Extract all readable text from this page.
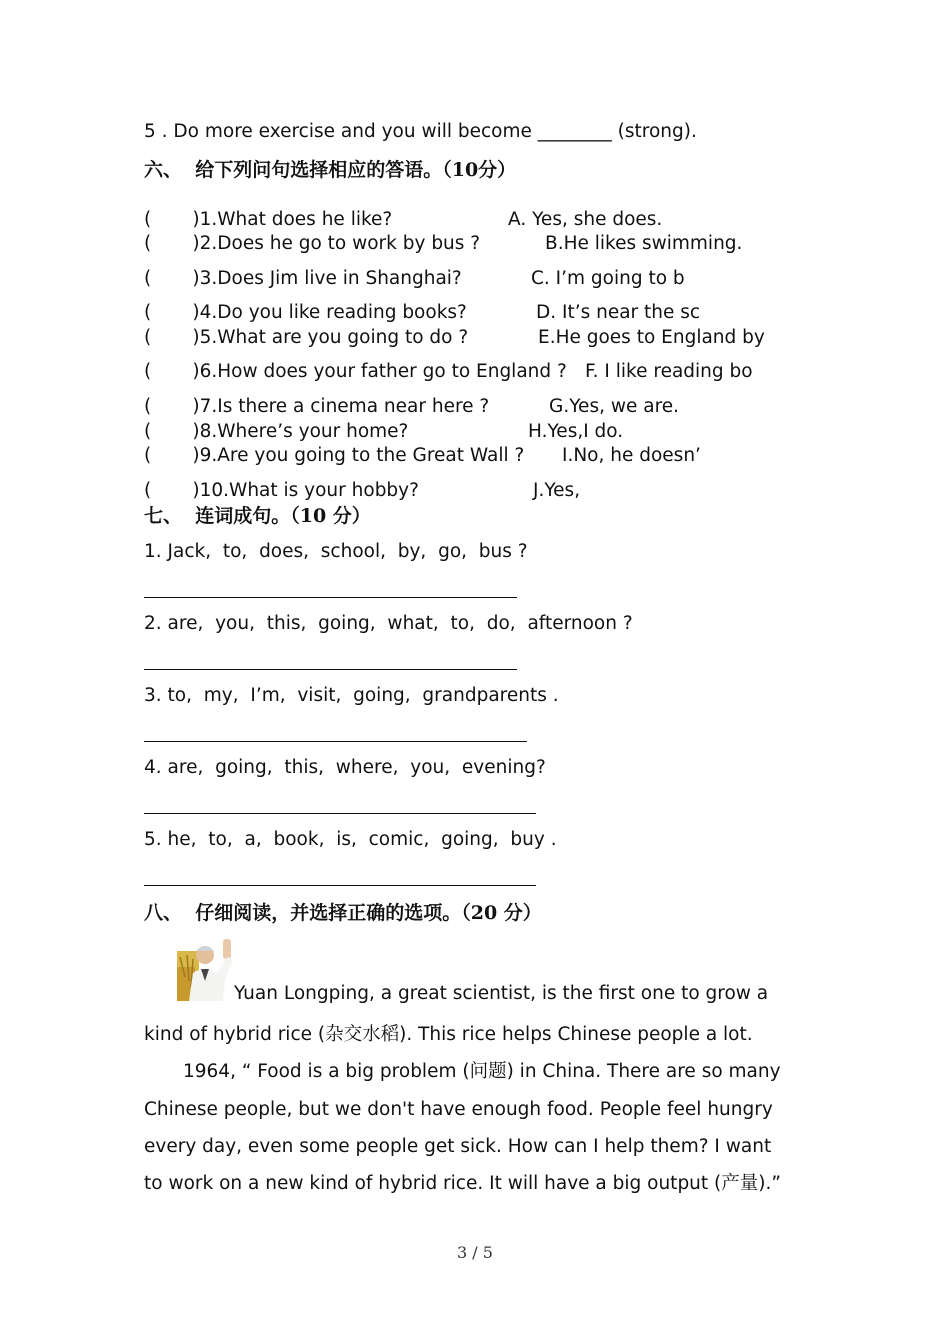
5 . Do more exercise and you will become ________ (strong).
六、  给下列问句选择相应的答语。（10分）
(       )1.What does he like?	A. Yes, she does.
(       )2.Does he go to work by bus ?	B.He likes swimming.
(       )3.Does Jim live in Shanghai?	C. I’m going to b
(       )4.Do you like reading books?	D. It’s near the sc
(       )5.What are you going to do ?	E.He goes to England by
(       )6.How does your father go to England ? F. I like reading bo
(       )7.Is there a cinema near here ?	G.Yes, we are.
(       )8.Where’s your home?	H.Yes,I do.
(       )9.Are you going to the Great Wall ? I.No, he doesn’
(       )10.What is your hobby?	J.Yes,
七、  连词成句。（10 分）
1. Jack,  to,  does,  school,  by,  go,  bus ?
2. are,  you,  this,  going,  what,  to,  do,  afternoon ?
3. to,  my,  I’m,  visit,  going,  grandparents .
4. are,  going,  this,  where,  you,  evening?
5. he,  to,  a,  book,  is,  comic,  going,  buy .
八、  仔细阅读，并选择正确的选项。（20 分）
Yuan Longping, a great scientist, is the first one to grow a
kind of hybrid rice (杂交水稻). This rice helps Chinese people a lot.
1964, “ Food is a big problem (问题) in China. There are so many
Chinese people, but we don't have enough food. People feel hungry
every day, even some people get sick. How can I help them? I want
to work on a new kind of hybrid rice. It will have a big output (产量).”
3 / 5
